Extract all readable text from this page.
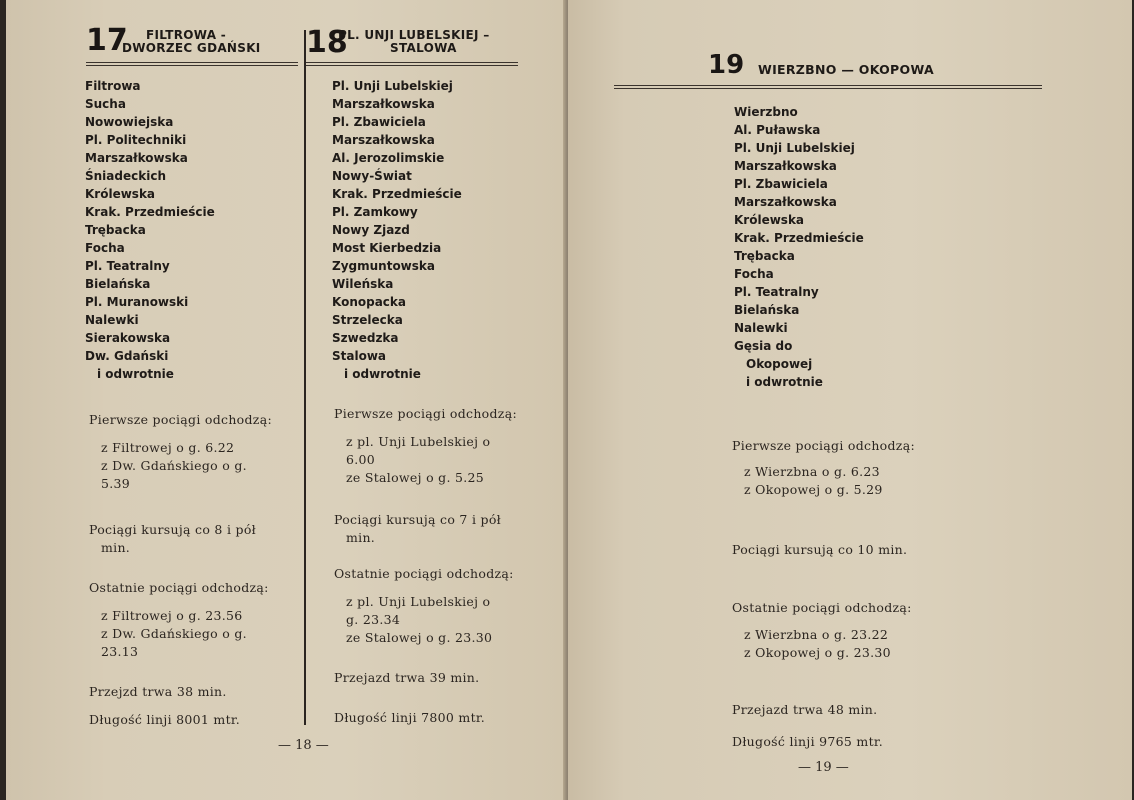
17 FILTROWA -
DWORZEC GDAŃSKI 18
PL. UNJI LUBELSKIEJ –
STALOWA
Filtrowa
Sucha
Nowowiejska
Pl. Politechniki
Marszałkowska
Śniadeckich
Królewska
Krak. Przedmieście
Trębacka
Focha
Pl. Teatralny
Bielańska
Pl. Muranowski
Nalewki
Sierakowska
Dw. Gdański
i odwrotnie
Pierwsze pociągi odchodzą:
z Filtrowej o g. 6.22
z Dw. Gdańskiego o g.
5.39
Pociągi kursują co 8 i pół
min.
Ostatnie pociągi odchodzą:
z Filtrowej o g. 23.56
z Dw. Gdańskiego o g.
23.13
Przejzd trwa 38 min.
Długość linji 8001 mtr.
Pl. Unji Lubelskiej
Marszałkowska
Pl. Zbawiciela
Marszałkowska
Al. Jerozolimskie
Nowy-Świat
Krak. Przedmieście
Pl. Zamkowy
Nowy Zjazd
Most Kierbedzia
Zygmuntowska
Wileńska
Konopacka
Strzelecka
Szwedzka
Stalowa
i odwrotnie
Pierwsze pociągi odchodzą:
z pl. Unji Lubelskiej o
6.00
ze Stalowej o g. 5.25
Pociągi kursują co 7 i pół
min.
Ostatnie pociągi odchodzą:
z pl. Unji Lubelskiej o
g. 23.34
ze Stalowej o g. 23.30
Przejazd trwa 39 min.
Długość linji 7800 mtr.
— 18 —
19 WIERZBNO — OKOPOWA
Wierzbno
Al. Puławska
Pl. Unji Lubelskiej
Marszałkowska
Pl. Zbawiciela
Marszałkowska
Królewska
Krak. Przedmieście
Trębacka
Focha
Pl. Teatralny
Bielańska
Nalewki
Gęsia do
Okopowej
i odwrotnie
Pierwsze pociągi odchodzą:
z Wierzbna o g. 6.23
z Okopowej o g. 5.29
Pociągi kursują co 10 min.
Ostatnie pociągi odchodzą:
z Wierzbna o g. 23.22
z Okopowej o g. 23.30
Przejazd trwa 48 min.
Długość linji 9765 mtr.
— 19 —
